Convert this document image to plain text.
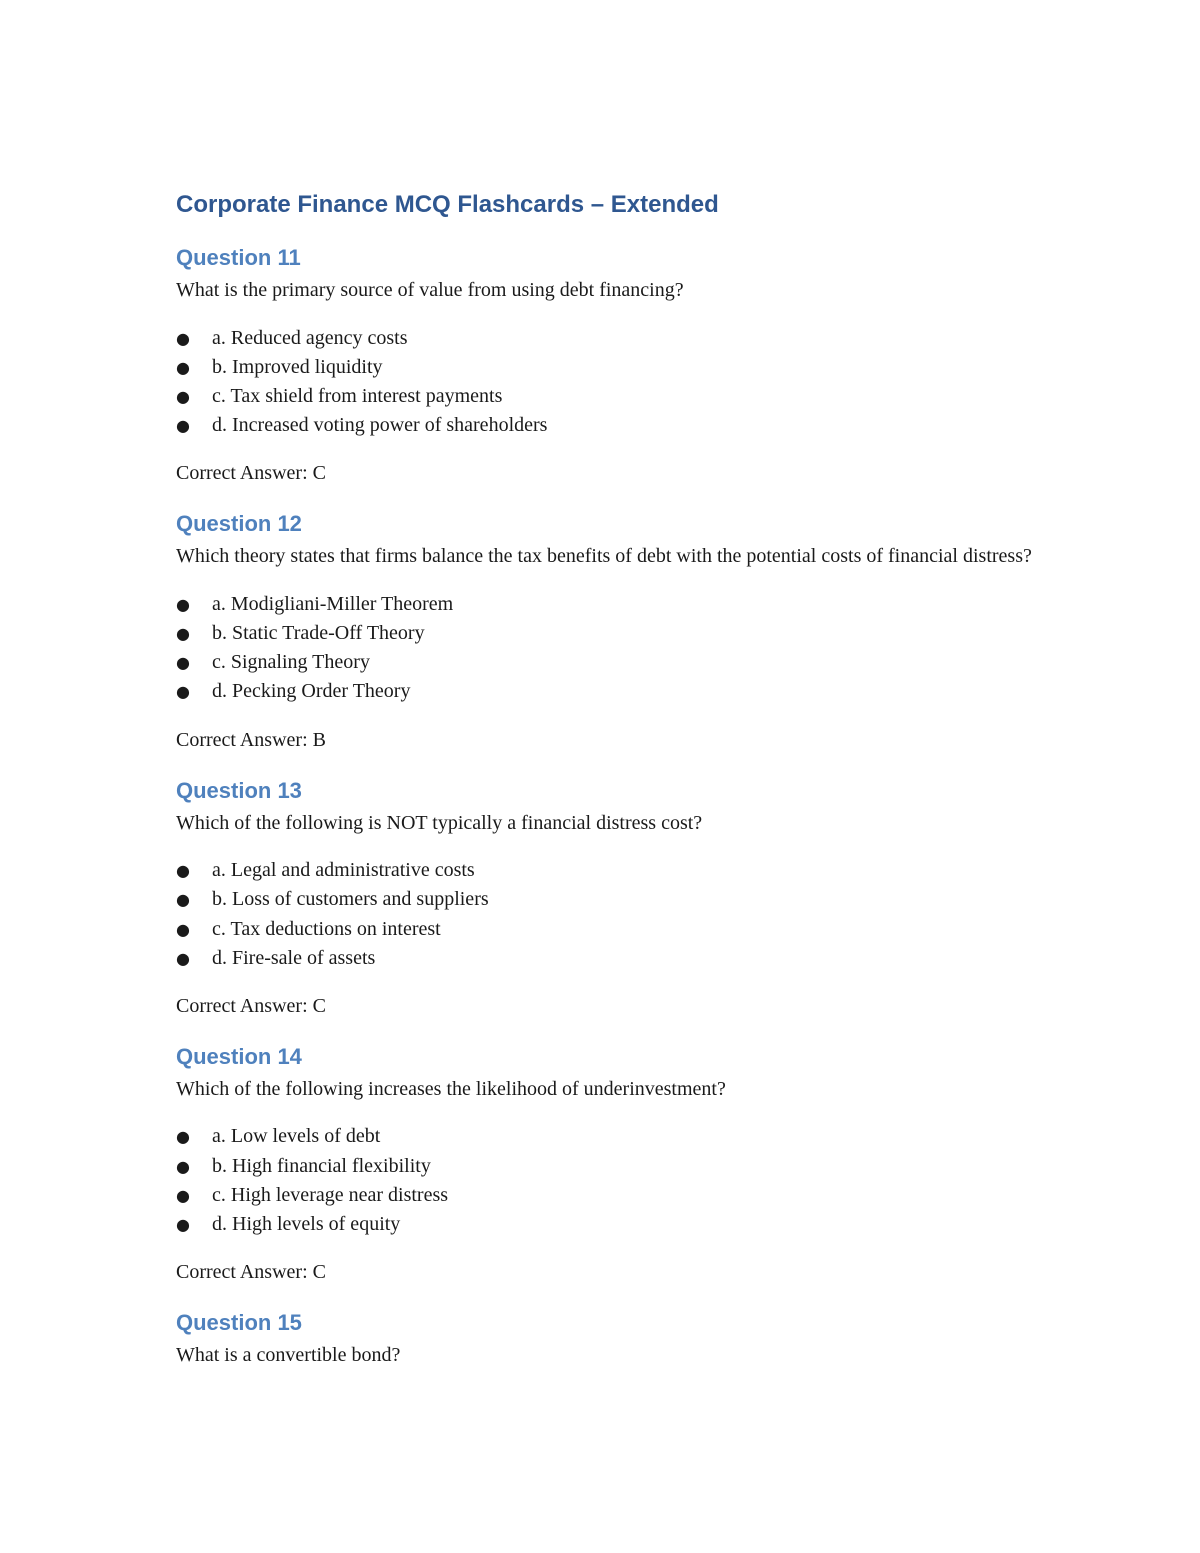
Corporate Finance MCQ Flashcards – Extended
Question 11

What is the primary source of value from using debt financing?

● a. Reduced agency costs
● b. Improved liquidity
● c. Tax shield from interest payments
● d. Increased voting power of shareholders

Correct Answer: C

Question 12

Which theory states that firms balance the tax benefits of debt with the potential costs of financial distress?

● a. Modigliani-Miller Theorem
● b. Static Trade-Off Theory
● c. Signaling Theory
● d. Pecking Order Theory

Correct Answer: B

Question 13

Which of the following is NOT typically a financial distress cost?

● a. Legal and administrative costs
● b. Loss of customers and suppliers
● c. Tax deductions on interest
● d. Fire-sale of assets

Correct Answer: C

Question 14

Which of the following increases the likelihood of underinvestment?

● a. Low levels of debt
● b. High financial flexibility
● c. High leverage near distress
● d. High levels of equity

Correct Answer: C

Question 15

What is a convertible bond?
